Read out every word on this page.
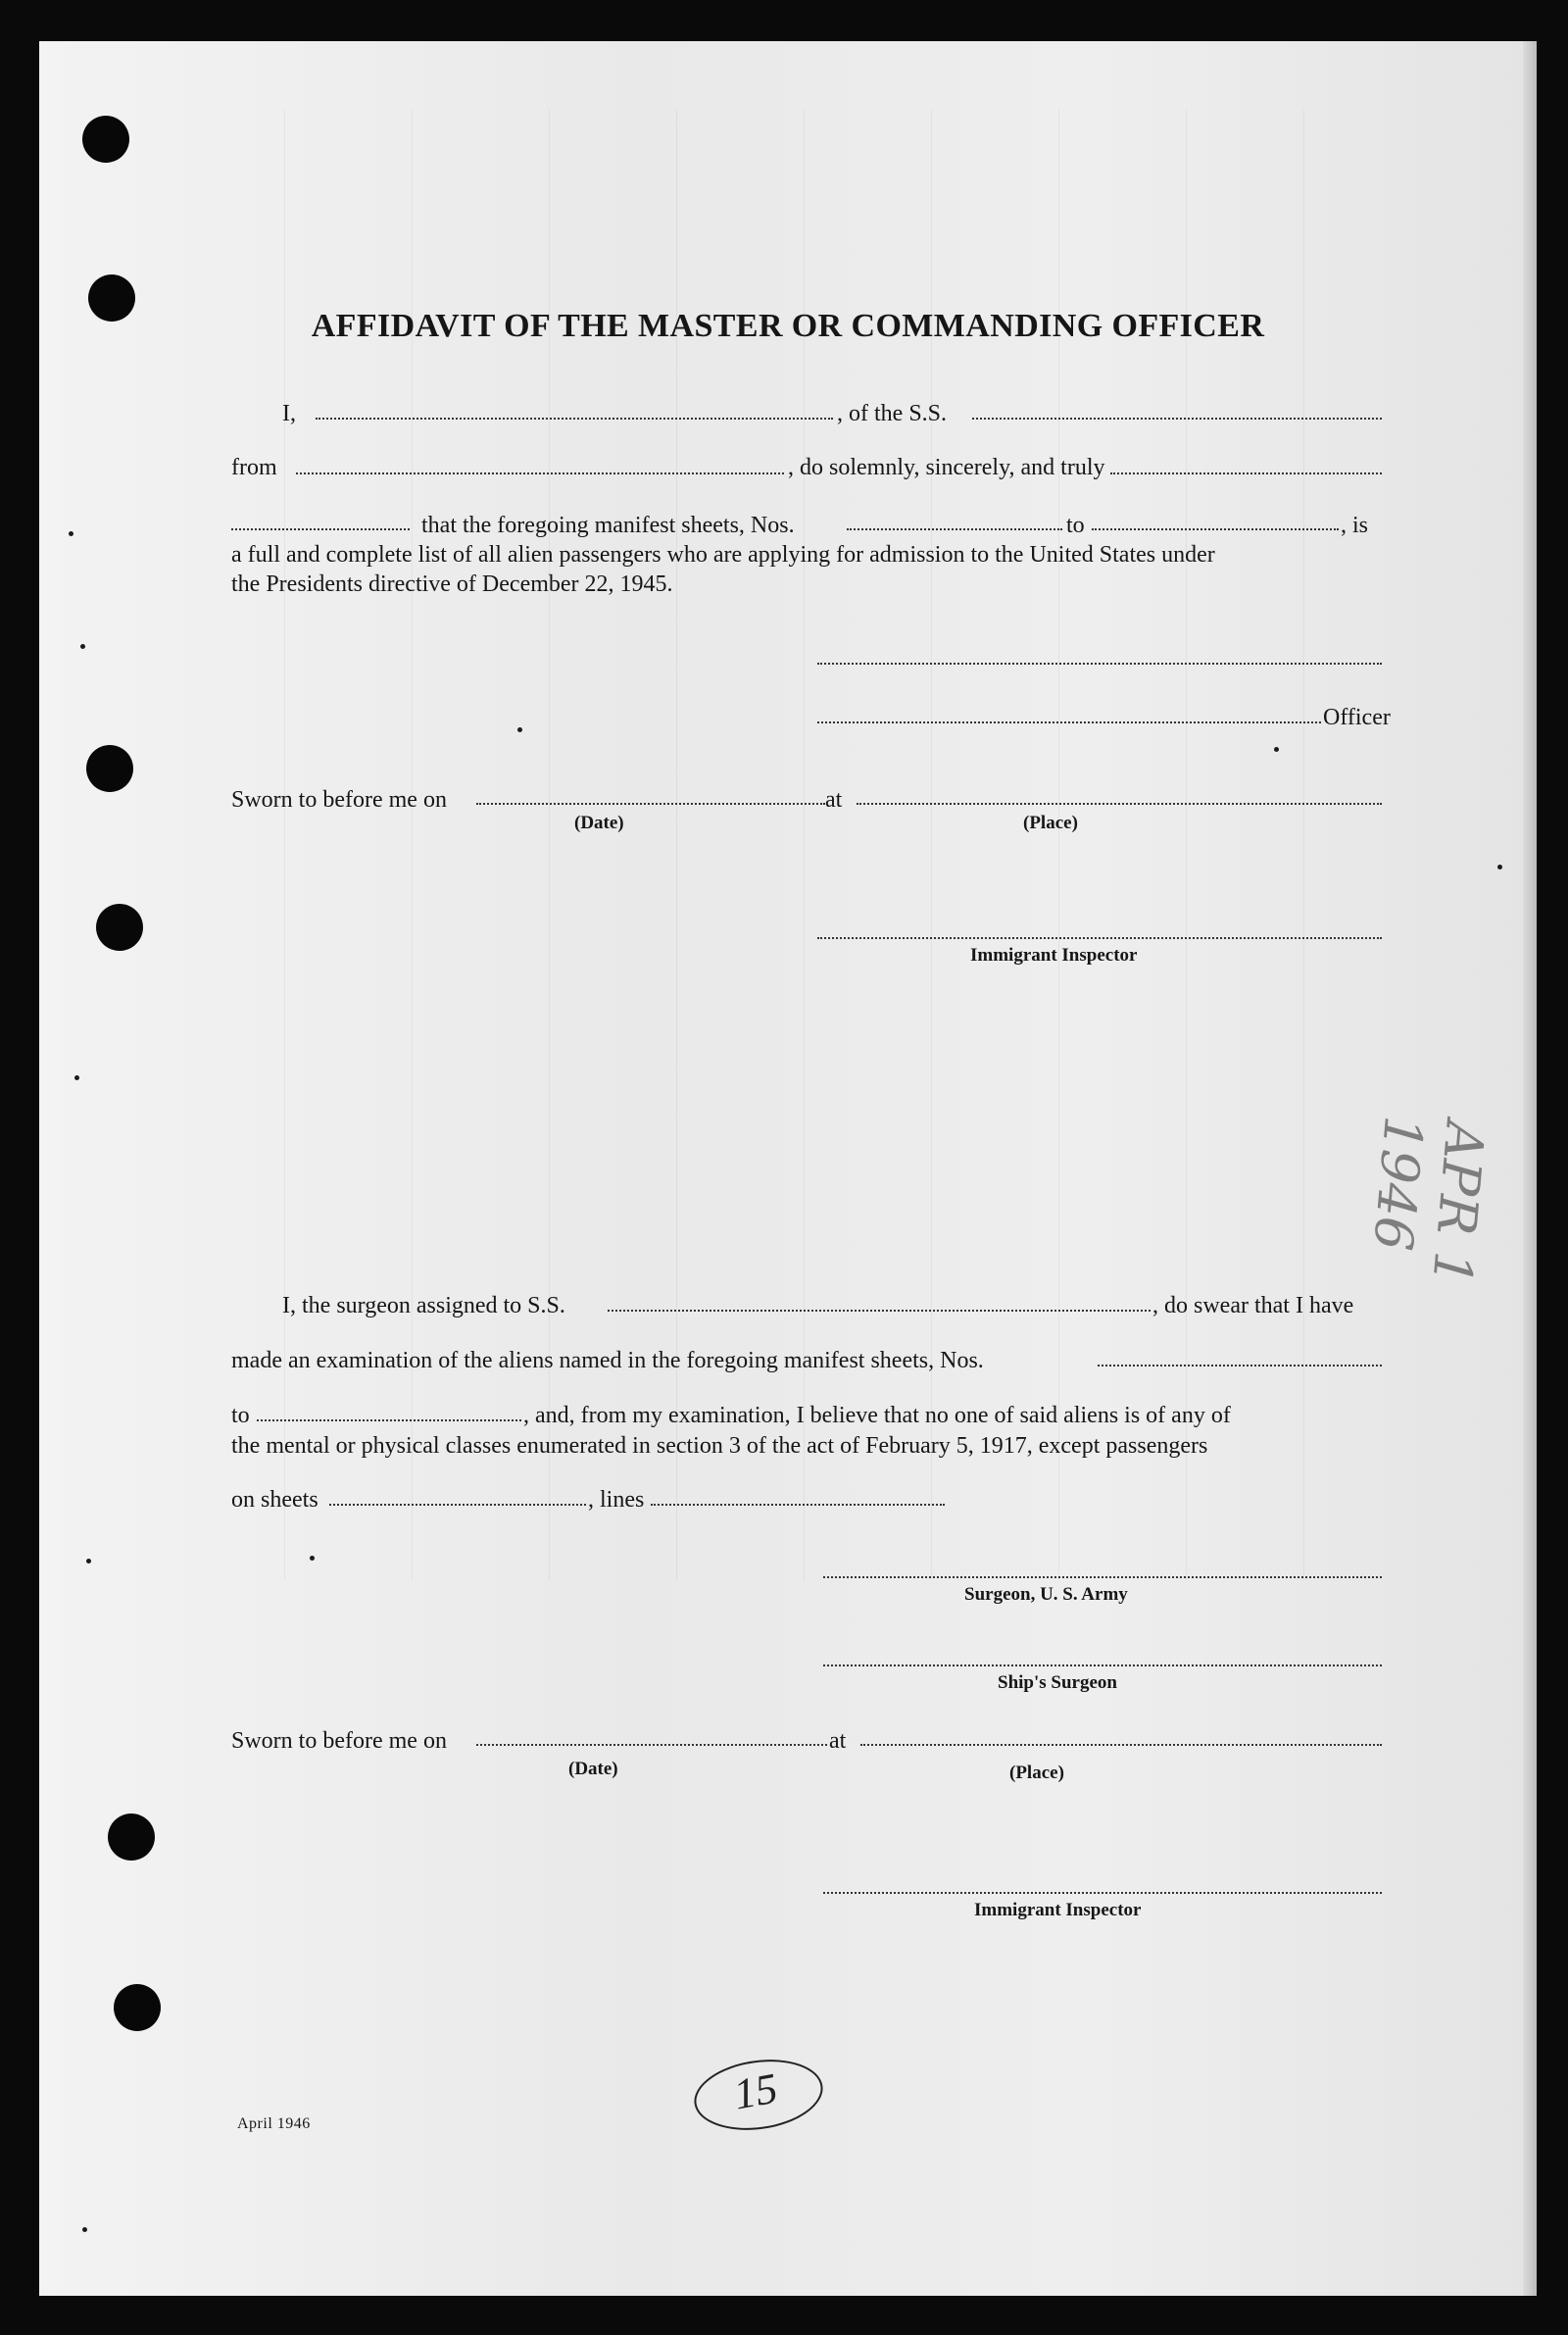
AFFIDAVIT OF THE MASTER OR COMMANDING OFFICER
I,	, of the S.S.
from	, do solemnly, sincerely, and truly
that the foregoing manifest sheets, Nos.	to	, is
a full and complete list of all alien passengers who are applying for admission to the United States under
the Presidents directive of December 22, 1945.
Officer
Sworn to before me on	at
(Date)	(Place)
Immigrant Inspector
I, the surgeon assigned to S.S.	, do swear that I have
made an examination of the aliens named in the foregoing manifest sheets, Nos.
to	, and, from my examination, I believe that no one of said aliens is of any of
the mental or physical classes enumerated in section 3 of the act of February 5, 1917, except passengers
on sheets	, lines
Surgeon, U. S. Army
Ship's Surgeon
Sworn to before me on	at
(Date)	(Place)
Immigrant Inspector
15
APR 1 1946
April 1946
